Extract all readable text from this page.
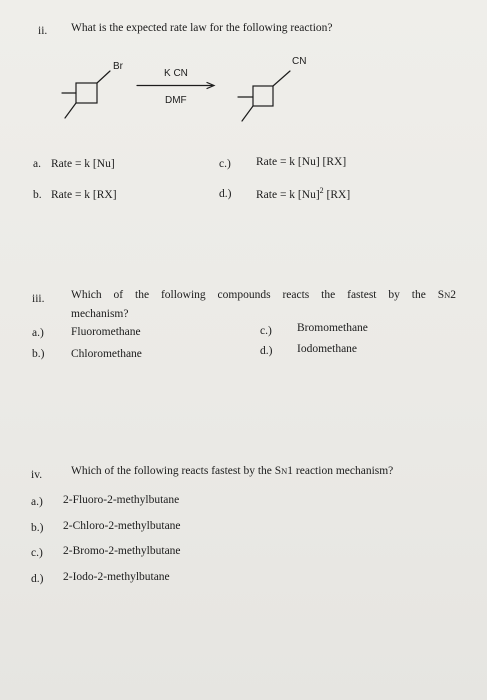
ii. What is the expected rate law for the following reaction?
Br
K CN
DMF
CN
a. Rate = k [Nu]
b. Rate = k [RX]
c.) Rate = k [Nu] [RX]
d.) Rate = k $[Nu]^2$ [RX]
iii. Which of the following compounds reacts the fastest by the SN2
mechanism?
a.) Fluoromethane
b.) Chloromethane
c.) Bromomethane
d.) Iodomethane
iv.	Which of the following reacts fastest by the SN1 reaction mechanism?
a.) 2-Fluoro-2-methylbutane
b.) 2-Chloro-2-methylbutane
c.) 2-Bromo-2-methylbutane
d.) 2-Iodo-2-methylbutane
